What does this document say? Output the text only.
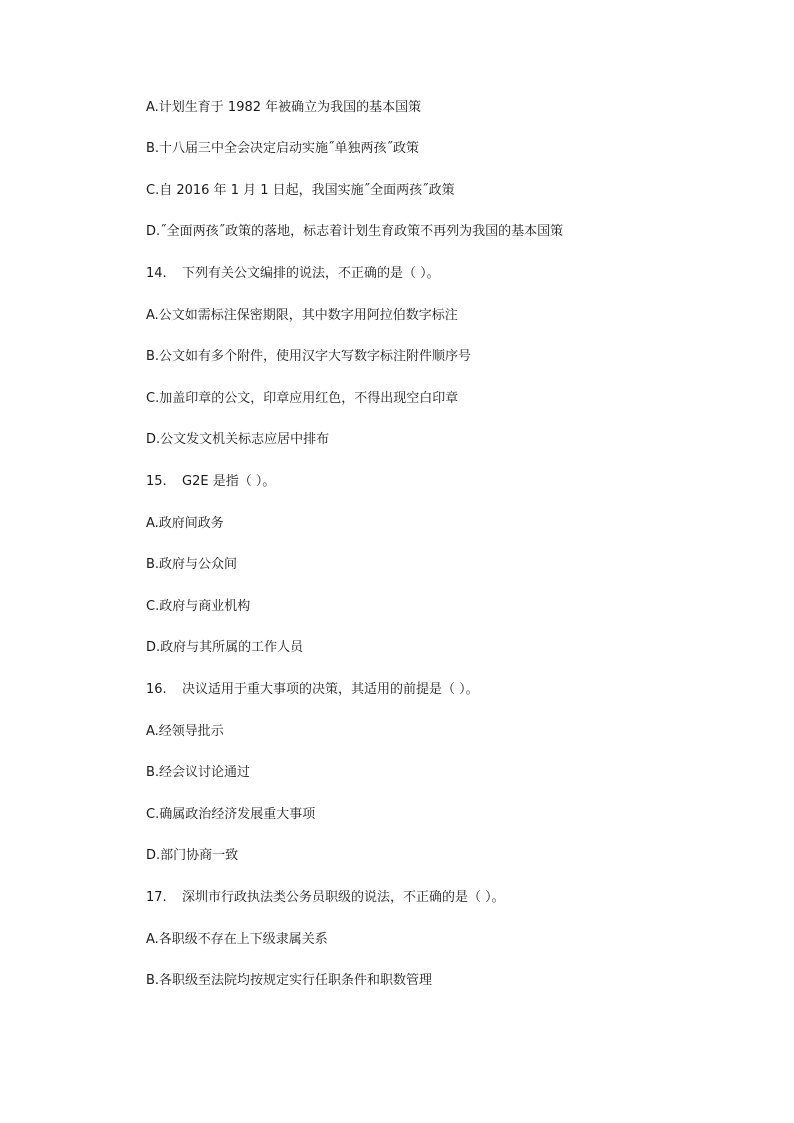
A.计划生育于 1982 年被确立为我国的基本国策
B.十八届三中全会决定启动实施˝单独两孩˝政策
C.自 2016 年 1 月 1 日起，我国实施˝全面两孩˝政策
D.˝全面两孩˝政策的落地，标志着计划生育政策不再列为我国的基本国策
14. 下列有关公文编排的说法，不正确的是（ ）。
A.公文如需标注保密期限，其中数字用阿拉伯数字标注
B.公文如有多个附件，使用汉字大写数字标注附件顺序号
C.加盖印章的公文，印章应用红色，不得出现空白印章
D.公文发文机关标志应居中排布
15. G2E 是指（ ）。
A.政府间政务
B.政府与公众间
C.政府与商业机构
D.政府与其所属的工作人员
16. 决议适用于重大事项的决策，其适用的前提是（ ）。
A.经领导批示
B.经会议讨论通过
C.确属政治经济发展重大事项
D.部门协商一致
17. 深圳市行政执法类公务员职级的说法，不正确的是（ ）。
A.各职级不存在上下级隶属关系
B.各职级至法院均按规定实行任职条件和职数管理
